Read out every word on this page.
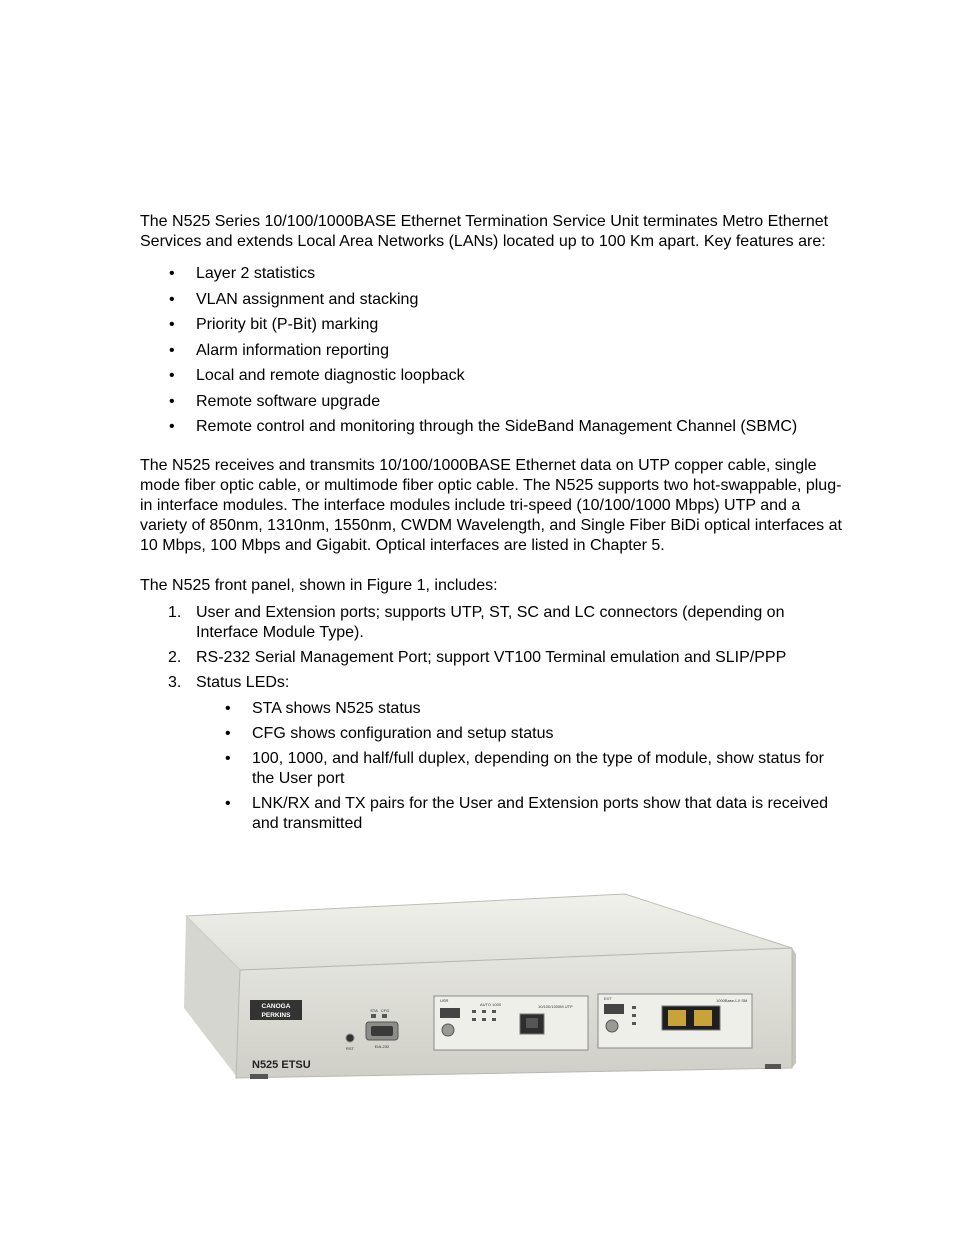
The N525 Series 10/100/1000BASE Ethernet Termination Service Unit terminates Metro Ethernet Services and extends Local Area Networks (LANs) located up to 100 Km apart. Key features are:

• Layer 2 statistics
• VLAN assignment and stacking
• Priority bit (P-Bit) marking
• Alarm information reporting
• Local and remote diagnostic loopback
• Remote software upgrade
• Remote control and monitoring through the SideBand Management Channel (SBMC)

The N525 receives and transmits 10/100/1000BASE Ethernet data on UTP copper cable, single mode fiber optic cable, or multimode fiber optic cable. The N525 supports two hot-swappable, plug-in interface modules. The interface modules include tri-speed (10/100/1000 Mbps) UTP and a variety of 850nm, 1310nm, 1550nm, CWDM Wavelength, and Single Fiber BiDi optical interfaces at 10 Mbps, 100 Mbps and Gigabit. Optical interfaces are listed in Chapter 5.

The N525 front panel, shown in Figure 1, includes:

1. User and Extension ports; supports UTP, ST, SC and LC connectors (depending on Interface Module Type).
2. RS-232 Serial Management Port; support VT100 Terminal emulation and SLIP/PPP
3. Status LEDs:
• STA shows N525 status
• CFG shows configuration and setup status
• 100, 1000, and half/full duplex, depending on the type of module, show status for the User port
• LNK/RX and TX pairs for the User and Extension ports show that data is received and transmitted
CANOGA
PERKINS
N525 ETSU
RST
STA CFG
EIA-232
USR
AUTO 1000	10/100/1000M UTP
EXT	1000Base-LX SM
